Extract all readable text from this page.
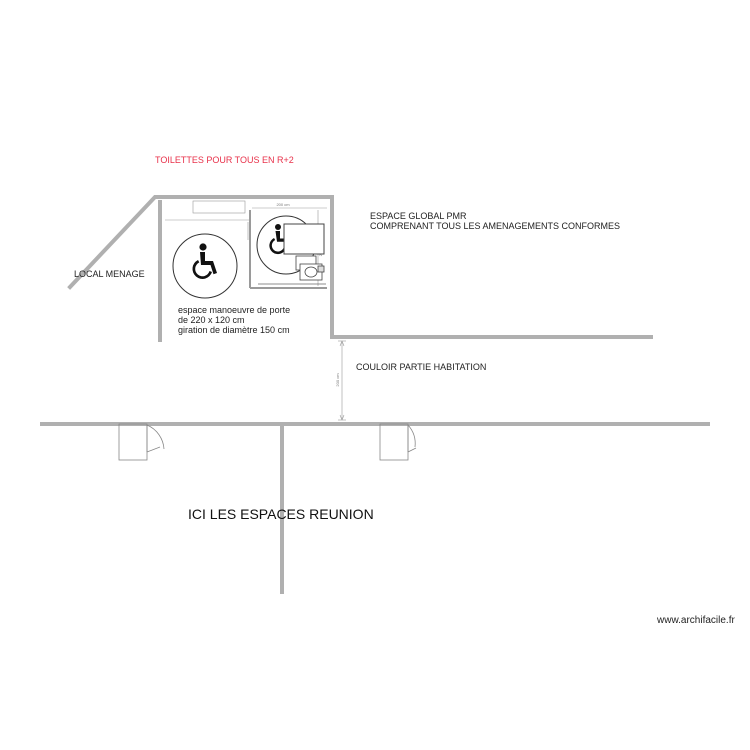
200 cm
200 cm
TOILETTES POUR TOUS EN R+2
LOCAL MENAGE
ESPACE GLOBAL PMR
COMPRENANT TOUS LES AMENAGEMENTS CONFORMES
espace manoeuvre de porte
de 220 x 120 cm
giration de diamètre 150 cm
COULOIR PARTIE HABITATION
ICI LES ESPACES REUNION
www.archifacile.fr
